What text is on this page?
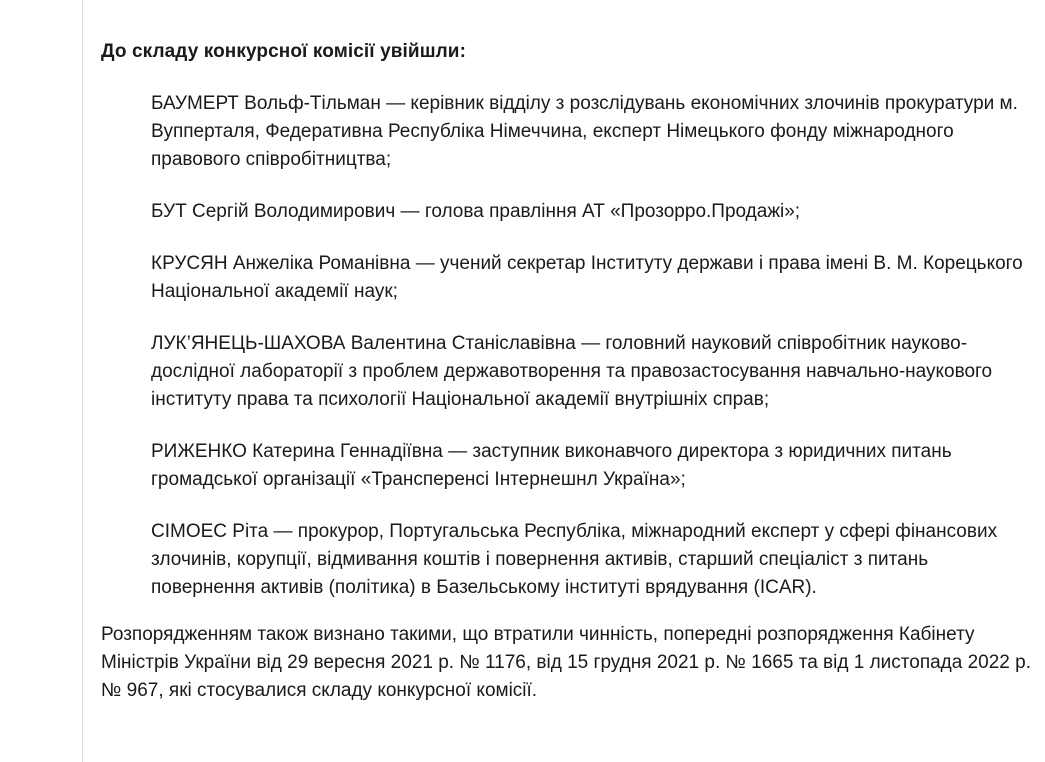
До складу конкурсної комісії увійшли:

БАУМЕРТ Вольф-Тільман — керівник відділу з розслідувань економічних злочинів прокуратури м. Вупперталя, Федеративна Республіка Німеччина, експерт Німецького фонду міжнародного правового співробітництва;
БУТ Сергій Володимирович — голова правління АТ «Прозорро.Продажі»;
КРУСЯН Анжеліка Романівна — учений секретар Інституту держави і права імені В. М. Корецького Національної академії наук;
ЛУК’ЯНЕЦЬ-ШАХОВА Валентина Станіславівна — головний науковий співробітник науково-дослідної лабораторії з проблем державотворення та правозастосування навчально-наукового інституту права та психології Національної академії внутрішніх справ;
РИЖЕНКО Катерина Геннадіївна — заступник виконавчого директора з юридичних питань громадської організації «Трансперенсі Інтернешнл Україна»;
СІМОЕС Ріта — прокурор, Португальська Республіка, міжнародний експерт у сфері фінансових злочинів, корупції, відмивання коштів і повернення активів, старший спеціаліст з питань повернення активів (політика) в Базельському інституті врядування (ICAR).

Розпорядженням також визнано такими, що втратили чинність, попередні розпорядження Кабінету Міністрів України від 29 вересня 2021 р. № 1176, від 15 грудня 2021 р. № 1665 та від 1 листопада 2022 р. № 967, які стосувалися складу конкурсної комісії.
